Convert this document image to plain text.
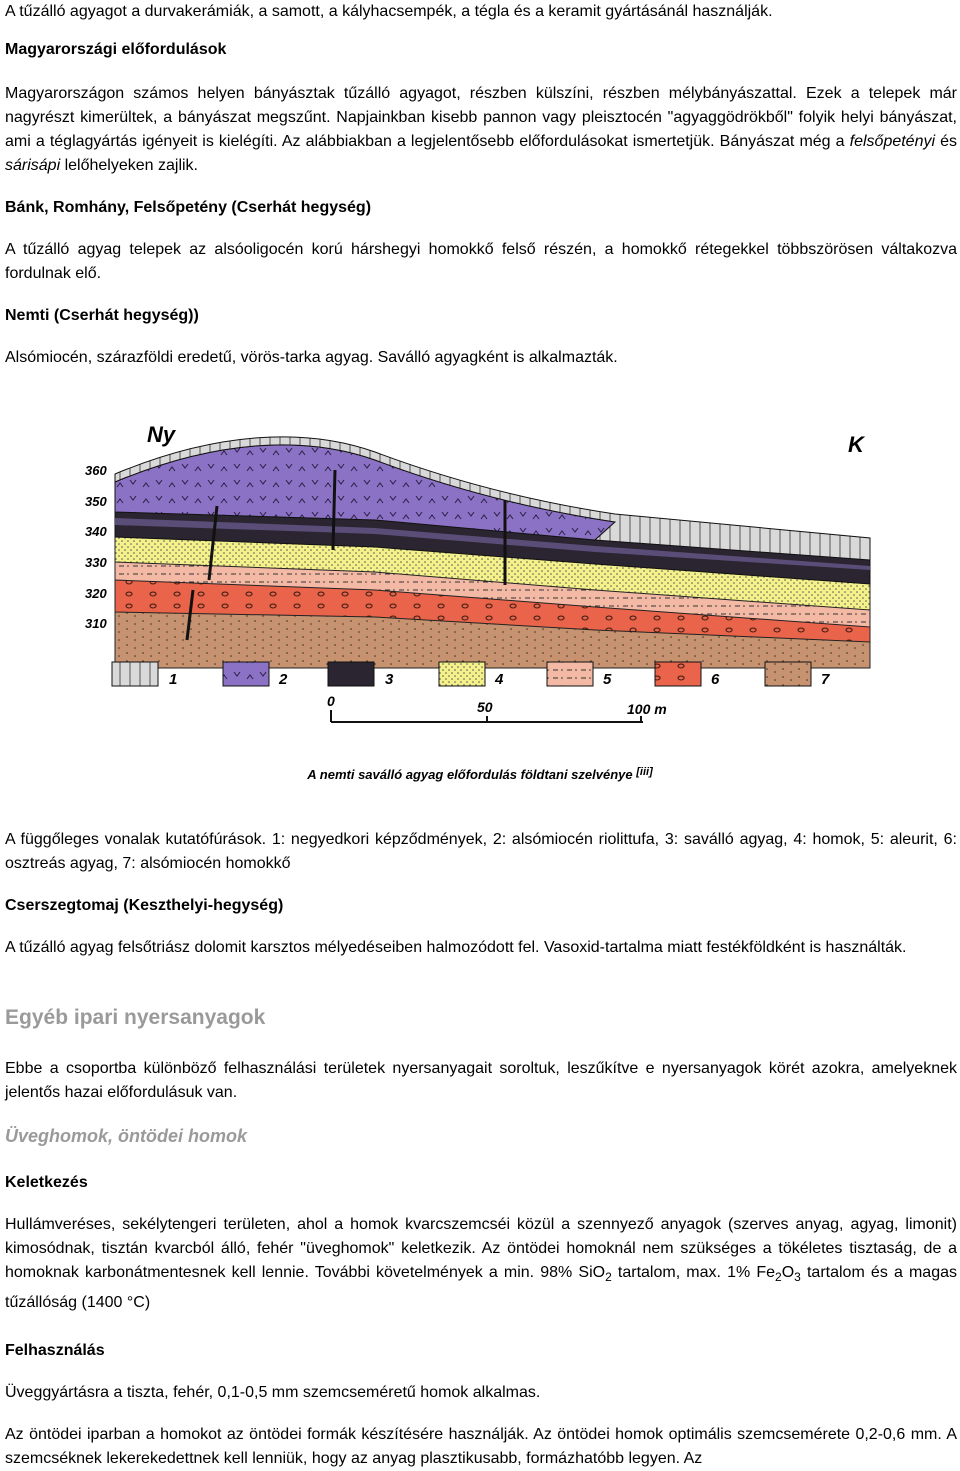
A tűzálló agyagot a durvakerámiák, a samott, a kályhacsempék, a tégla és a keramit gyártásánál használják.

Magyarországi előfordulások

Magyarországon számos helyen bányásztak tűzálló agyagot, részben külszíni, részben mélybányászattal. Ezek a telepek már nagyrészt kimerültek, a bányászat megszűnt. Napjainkban kisebb pannon vagy pleisztocén "agyaggödrökből" folyik helyi bányászat, ami a téglagyártás igényeit is kielégíti. Az alábbiakban a legjelentősebb előfordulásokat ismertetjük. Bányászat még a felsőpetényi és sárisápi lelőhelyeken zajlik.

Bánk, Romhány, Felsőpetény (Cserhát hegység)

A tűzálló agyag telepek az alsóoligocén korú hárshegyi homokkő felső részén, a homokkő rétegekkel többszörösen váltakozva fordulnak elő.

Nemti (Cserhát hegység))

Alsómiocén, szárazföldi eredetű, vörös-tarka agyag. Saválló agyagként is alkalmazták.

Ny	K
360
350
340
330
320
310
1	2	3	4	5	6	7
0	50	100 m
A nemti saválló agyag előfordulás földtani szelvénye [iii]

A függőleges vonalak kutatófúrások. 1: negyedkori képződmények, 2: alsómiocén riolittufa, 3: saválló agyag, 4: homok, 5: aleurit, 6: osztreás agyag, 7: alsómiocén homokkő

Cserszegtomaj (Keszthelyi-hegység)

A tűzálló agyag felsőtriász dolomit karsztos mélyedéseiben halmozódott fel. Vasoxid-tartalma miatt festékföldként is használták.

Egyéb ipari nyersanyagok

Ebbe a csoportba különböző felhasználási területek nyersanyagait soroltuk, leszűkítve e nyersanyagok körét azokra, amelyeknek jelentős hazai előfordulásuk van.

Üveghomok, öntödei homok
Keletkezés

Hullámveréses, sekélytengeri területen, ahol a homok kvarcszemcséi közül a szennyező anyagok (szerves anyag, agyag, limonit) kimosódnak, tisztán kvarcból álló, fehér "üveghomok" keletkezik. Az öntödei homoknál nem szükséges a tökéletes tisztaság, de a homoknak karbonátmentesnek kell lennie. További követelmények a min. 98% SiO$_2$ tartalom, max. 1% $Fe_2O_3$ tartalom és a magas tűzállóság (1400 °C)

Felhasználás

Üveggyártásra a tiszta, fehér, 0,1-0,5 mm szemcseméretű homok alkalmas.

Az öntödei iparban a homokot az öntödei formák készítésére használják. Az öntödei homok optimális szemcsemérete 0,2-0,6 mm. A szemcséknek lekerekedettnek kell lenniük, hogy az anyag plasztikusabb, formázhatóbb legyen. Az
